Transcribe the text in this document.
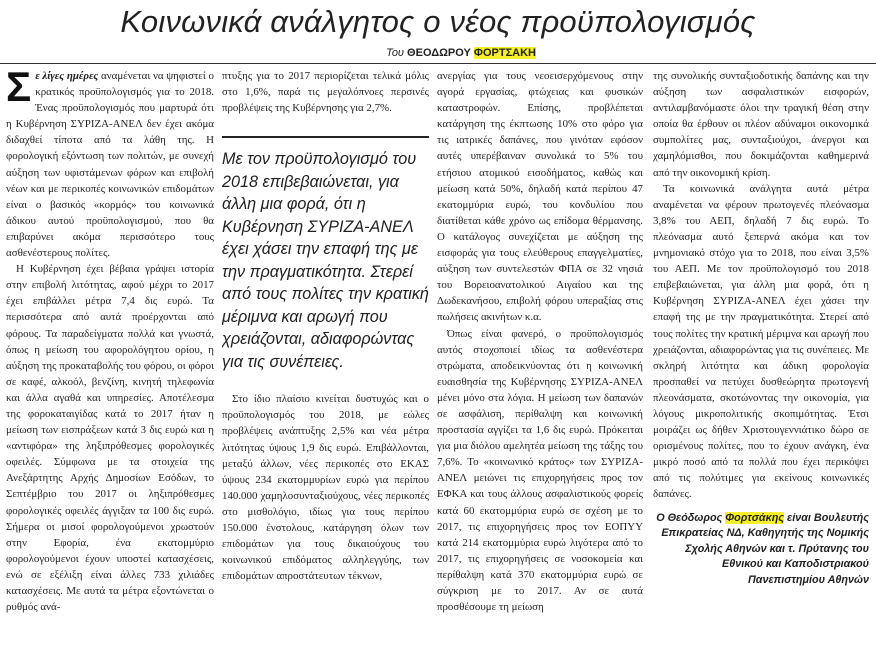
Κοινωνικά ανάλγητος ο νέος προϋπολογισμός
Του ΘΕΟΔΩΡΟΥ ΦΟΡΤΣΑΚΗ

Σε λίγες ημέρες αναμένεται να ψηφιστεί ο κρατικός προϋπολογισμός για το 2018. Ένας προϋπολογισμός που μαρτυρά ότι η Κυβέρνηση ΣΥΡΙΖΑ-ΑΝΕΛ δεν έχει ακόμα διδαχθεί τίποτα από τα λάθη της. Η φορολογική εξόντωση των πολιτών, με συνεχή αύξηση των υφιστάμενων φόρων και επιβολή νέων και με περικοπές κοινωνικών επιδομάτων είναι ο βασικός «κορμός» του κοινωνικά άδικου αυτού προϋπολογισμού, που θα επιβαρύνει ακόμα περισσότερο τους ασθενέστερους πολίτες.

Η Κυβέρνηση έχει βέβαια γράψει ιστορία στην επιβολή λιτότητας, αφού μέχρι το 2017 έχει επιβάλλει μέτρα 7,4 δις ευρώ. Τα περισσότερα από αυτά προέρχονται από φόρους. Τα παραδείγματα πολλά και γνωστά, όπως η μείωση του αφορολόγητου ορίου, η αύξηση της προκαταβολής του φόρου, οι φόροι σε καφέ, αλκοόλ, βενζίνη, κινητή τηλεφωνία και άλλα αγαθά και υπηρεσίες. Αποτέλεσμα της φοροκαταιγίδας κατά το 2017 ήταν η μείωση των εισπράξεων κατά 3 δις ευρώ και η «αντιφόρα» της ληξιπρόθεσμες φορολογικές οφειλές. Σύμφωνα με τα στοιχεία της Ανεξάρτητης Αρχής Δημοσίων Εσόδων, το Σεπτέμβριο του 2017 οι ληξιπρόθεσμες φορολογικές οφειλές άγγιξαν τα 100 δις ευρώ. Σήμερα οι μισοί φορολογούμενοι χρωστούν στην Εφορία, ένα εκατομμύριο φορολογούμενοι έχουν υποστεί κατασχέσεις, ενώ σε εξέλιξη είναι άλλες 733 χιλιάδες κατασχέσεις. Με αυτά τα μέτρα εξοντώνεται ο ρυθμός ανά-

πτυξης για το 2017 περιορίζεται τελικά μόλις στο 1,6%, παρά τις μεγαλόπνοες περσινές προβλέψεις της Κυβέρνησης για 2,7%.

Με τον προϋπολογισμό του 2018 επιβεβαιώνεται, για άλλη μια φορά, ότι η Κυβέρνηση ΣΥΡΙΖΑ-ΑΝΕΛ έχει χάσει την επαφή της με την πραγματικότητα. Στερεί από τους πολίτες την κρατική μέριμνα και αρωγή που χρειάζονται, αδιαφορώντας για τις συνέπειες.

Στο ίδιο πλαίσιο κινείται δυστυχώς και ο προϋπολογισμός του 2018, με εώλες προβλέψεις ανάπτυξης 2,5% και νέα μέτρα λιτότητας ύψους 1,9 δις ευρώ. Επιβάλλονται, μεταξύ άλλων, νέες περικοπές στο ΕΚΑΣ ύψους 234 εκατομμυρίων ευρώ για περίπου 140.000 χαμηλοσυνταξιούχους, νέες περικοπές στο μισθολόγιο, ιδίως για τους περίπου 150.000 ένστολους, κατάργηση όλων των επιδομάτων για τους δικαιούχους του κοινωνικού επιδόματος αλληλεγγύης, των επιδομάτων απροστάτευτων τέκνων,

ανεργίας για τους νεοεισερχόμενους στην αγορά εργασίας, φτώχειας και φυσικών καταστροφών. Επίσης, προβλέπεται κατάργηση της έκπτωσης 10% στο φόρο για τις ιατρικές δαπάνες, που γινόταν εφόσον αυτές υπερέβαιναν συνολικά το 5% του ετήσιου ατομικού εισοδήματος, καθώς και μείωση κατά 50%, δηλαδή κατά περίπου 47 εκατομμύρια ευρώ, του κονδυλίου που διατίθεται κάθε χρόνο ως επίδομα θέρμανσης. Ο κατάλογος συνεχίζεται με αύξηση της εισφοράς για τους ελεύθερους επαγγελματίες, αύξηση των συντελεστών ΦΠΑ σε 32 νησιά του Βορειοανατολικού Αιγαίου και της Δωδεκανήσου, επιβολή φόρου υπεραξίας στις πωλήσεις ακινήτων κ.α.

Όπως είναι φανερό, ο προϋπολογισμός αυτός στοχοποιεί ιδίως τα ασθενέστερα στρώματα, αποδεικνύοντας ότι η κοινωνική ευαισθησία της Κυβέρνησης ΣΥΡΙΖΑ-ΑΝΕΛ μένει μόνο στα λόγια. Η μείωση των δαπανών σε ασφάλιση, περίθαλψη και κοινωνική προστασία αγγίζει τα 1,6 δις ευρώ. Πρόκειται για μια διόλου αμελητέα μείωση της τάξης του 7,6%. Το «κοινωνικό κράτος» των ΣΥΡΙΖΑ-ΑΝΕΛ μειώνει τις επιχορηγήσεις προς τον ΕΦΚΑ και τους άλλους ασφαλιστικούς φορείς κατά 60 εκατομμύρια ευρώ σε σχέση με το 2017, τις επιχορηγήσεις προς τον ΕΟΠΥΥ κατά 214 εκατομμύρια ευρώ λιγότερα από το 2017, τις επιχορηγήσεις σε νοσοκομεία και περίθαλψη κατά 370 εκατομμύρια ευρώ σε σύγκριση με το 2017. Αν σε αυτά προσθέσουμε τη μείωση

της συνολικής συνταξιοδοτικής δαπάνης και την αύξηση των ασφαλιστικών εισφορών, αντιλαμβανόμαστε όλοι την τραγική θέση στην οποία θα έρθουν οι πλέον αδύναμοι οικονομικά συμπολίτες μας, συνταξιούχοι, άνεργοι και χαμηλόμισθοι, που δοκιμάζονται καθημερινά από την οικονομική κρίση.

Τα κοινωνικά ανάλγητα αυτά μέτρα αναμένεται να φέρουν πρωτογενές πλεόνασμα 3,8% του ΑΕΠ, δηλαδή 7 δις ευρώ. Το πλεόνασμα αυτό ξεπερνά ακόμα και τον μνημονιακό στόχο για το 2018, που είναι 3,5% του ΑΕΠ. Με τον προϋπολογισμό του 2018 επιβεβαιώνεται, για άλλη μια φορά, ότι η Κυβέρνηση ΣΥΡΙΖΑ-ΑΝΕΛ έχει χάσει την επαφή της με την πραγματικότητα. Στερεί από τους πολίτες την κρατική μέριμνα και αρωγή που χρειάζονται, αδιαφορώντας για τις συνέπειες. Με σκληρή λιτότητα και άδικη φορολογία προσπαθεί να πετύχει δυσθεώρητα πρωτογενή πλεονάσματα, σκοτώνοντας την οικονομία, για λόγους μικροπολιτικής σκοπιμότητας. Έτσι μοιράζει ως δήθεν Χριστουγεννιάτικο δώρο σε ορισμένους πολίτες, που το έχουν ανάγκη, ένα μικρό ποσό από τα πολλά που έχει περικόψει από τις πολύτιμες για εκείνους κοινωνικές δαπάνες.

Ο Θεόδωρος Φορτσάκης είναι Βουλευτής Επικρατείας ΝΔ, Καθηγητής της Νομικής Σχολής Αθηνών και τ. Πρύτανης του Εθνικού και Καποδιστριακού Πανεπιστημίου Αθηνών
